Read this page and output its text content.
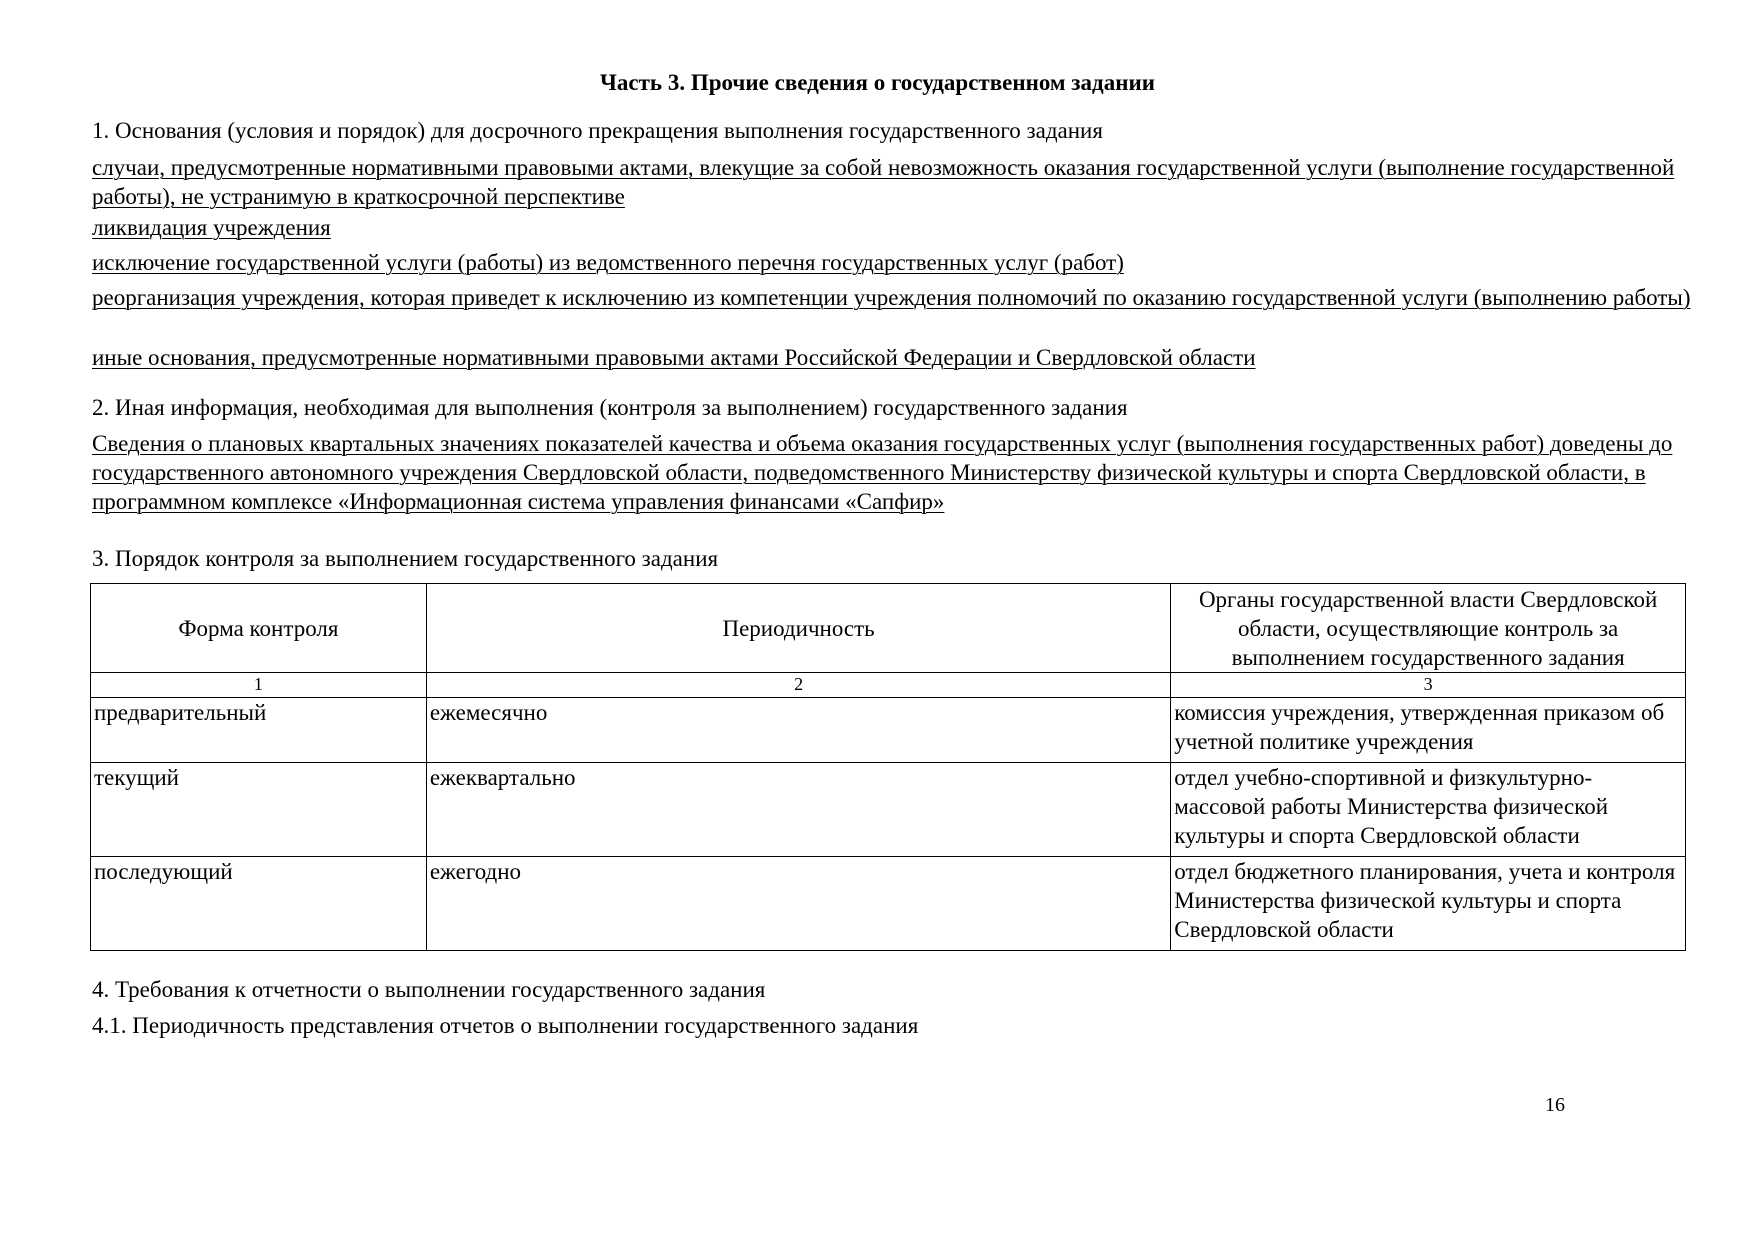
Часть 3. Прочие сведения о государственном задании
1. Основания (условия и порядок) для досрочного прекращения выполнения государственного задания
случаи, предусмотренные нормативными правовыми актами, влекущие за собой невозможность оказания государственной услуги (выполнение государственной работы), не устранимую в краткосрочной перспективе
ликвидация учреждения
исключение государственной услуги (работы) из ведомственного перечня государственных услуг (работ)
реорганизация учреждения, которая приведет к исключению из компетенции учреждения полномочий по оказанию государственной услуги (выполнению работы)
иные основания, предусмотренные нормативными правовыми актами Российской Федерации и Свердловской области
2. Иная информация, необходимая для выполнения (контроля за выполнением) государственного задания
Сведения о плановых квартальных значениях показателей качества и объема оказания государственных услуг (выполнения государственных работ) доведены до государственного автономного учреждения Свердловской области, подведомственного Министерству физической культуры и спорта Свердловской области, в программном комплексе «Информационная система управления финансами «Сапфир»
3. Порядок контроля за выполнением государственного задания
Форма контроля	Периодичность	Органы государственной власти Свердловской области, осуществляющие контроль за выполнением государственного задания
1	2	3
предварительный	ежемесячно	комиссия учреждения, утвержденная приказом об учетной политике учреждения
текущий	ежеквартально	отдел учебно-спортивной и физкультурно-массовой работы Министерства физической культуры и спорта Свердловской области
последующий	ежегодно	отдел бюджетного планирования, учета и контроля Министерства физической культуры и спорта Свердловской области
4. Требования к отчетности о выполнении государственного задания
4.1. Периодичность представления отчетов о выполнении государственного задания
16
